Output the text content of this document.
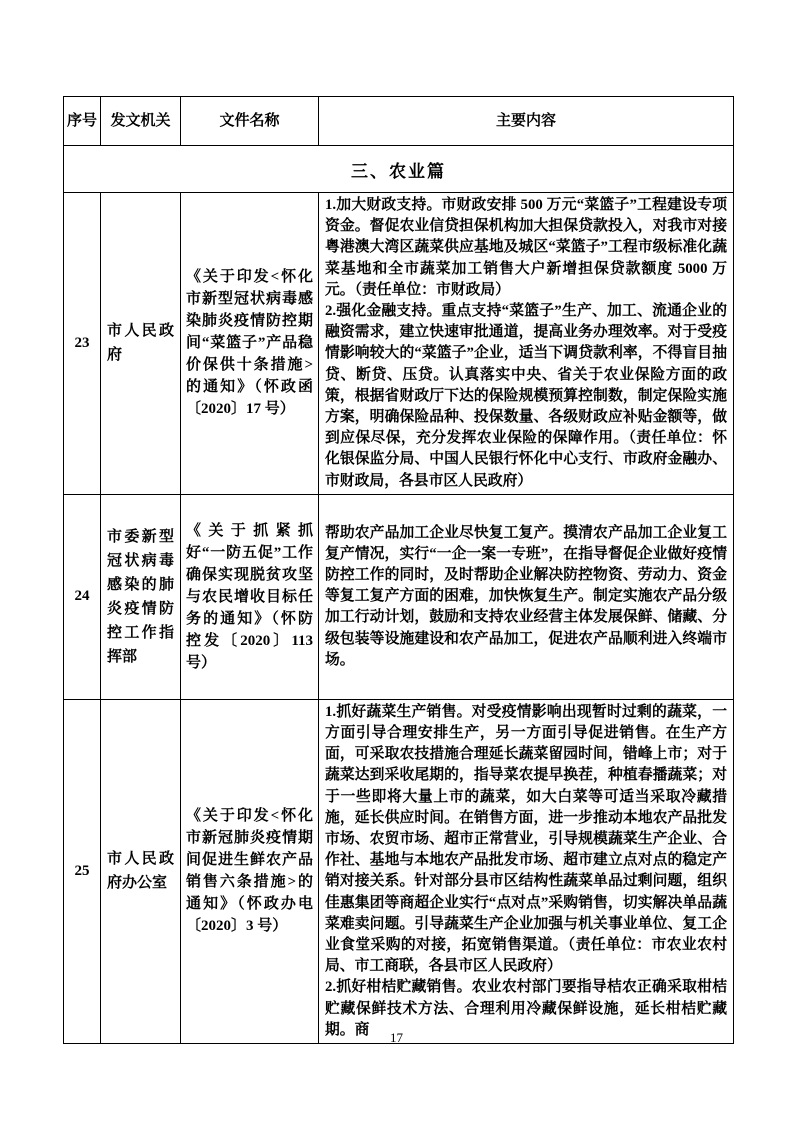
序号	发文机关	文件名称	主要内容
三、农业篇			
23	市人民政府	《关于印发<怀化市新型冠状病毒感染肺炎疫情防控期间“菜篮子”产品稳价保供十条措施>的通知》（怀政函〔2020〕17 号）	1.加大财政支持。市财政安排 500 万元“菜篮子”工程建设专项资金。督促农业信贷担保机构加大担保贷款投入，对我市对接粤港澳大湾区蔬菜供应基地及城区“菜篮子”工程市级标准化蔬菜基地和全市蔬菜加工销售大户新增担保贷款额度 5000 万元。（责任单位：市财政局）
2.强化金融支持。重点支持“菜篮子”生产、加工、流通企业的融资需求，建立快速审批通道，提高业务办理效率。对于受疫情影响较大的“菜篮子”企业，适当下调贷款利率，不得盲目抽贷、断贷、压贷。认真落实中央、省关于农业保险方面的政策，根据省财政厅下达的保险规模预算控制数，制定保险实施方案，明确保险品种、投保数量、各级财政应补贴金额等，做到应保尽保，充分发挥农业保险的保障作用。（责任单位：怀化银保监分局、中国人民银行怀化中心支行、市政府金融办、市财政局，各县市区人民政府）

24	市委新型冠状病毒感染的肺炎疫情防控工作指挥部	《关于抓紧抓好“一防五促”工作确保实现脱贫攻坚与农民增收目标任务的通知》（怀防控发〔2020〕113 号）	帮助农产品加工企业尽快复工复产。摸清农产品加工企业复工复产情况，实行“一企一案一专班”，在指导督促企业做好疫情防控工作的同时，及时帮助企业解决防控物资、劳动力、资金等复工复产方面的困难，加快恢复生产。制定实施农产品分级加工行动计划，鼓励和支持农业经营主体发展保鲜、储藏、分级包装等设施建设和农产品加工，促进农产品顺利进入终端市场。

25	市人民政府办公室	《关于印发<怀化市新冠肺炎疫情期间促进生鲜农产品销售六条措施>的通知》（怀政办电〔2020〕3 号）	1.抓好蔬菜生产销售。对受疫情影响出现暂时过剩的蔬菜，一方面引导合理安排生产，另一方面引导促进销售。在生产方面，可采取农技措施合理延长蔬菜留园时间，错峰上市；对于蔬菜达到采收尾期的，指导菜农提早换茬，种植春播蔬菜；对于一些即将大量上市的蔬菜，如大白菜等可适当采取冷藏措施，延长供应时间。在销售方面，进一步推动本地农产品批发市场、农贸市场、超市正常营业，引导规模蔬菜生产企业、合作社、基地与本地农产品批发市场、超市建立点对点的稳定产销对接关系。针对部分县市区结构性蔬菜单品过剩问题，组织佳惠集团等商超企业实行“点对点”采购销售，切实解决单品蔬菜难卖问题。引导蔬菜生产企业加强与机关事业单位、复工企业食堂采购的对接，拓宽销售渠道。（责任单位：市农业农村局、市工商联，各县市区人民政府）
2.抓好柑桔贮藏销售。农业农村部门要指导桔农正确采取柑桔贮藏保鲜技术方法、合理利用冷藏保鲜设施，延长柑桔贮藏期。商	17
